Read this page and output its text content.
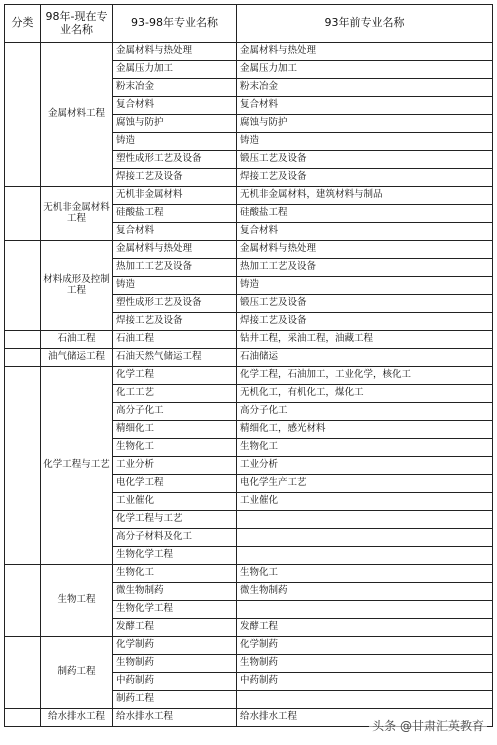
分类	98年-现在专业名称	93-98年专业名称	93年前专业名称
	金属材料工程	金属材料与热处理	金属材料与热处理
		金属压力加工	金属压力加工
		粉末冶金	粉末冶金
		复合材料	复合材料
		腐蚀与防护	腐蚀与防护
		铸造	铸造
		塑性成形工艺及设备	锻压工艺及设备
		焊接工艺及设备	焊接工艺及设备
	无机非金属材料工程	无机非金属材料	无机非金属材料，建筑材料与制品
		硅酸盐工程	硅酸盐工程
		复合材料	复合材料
	材料成形及控制工程	金属材料与热处理	金属材料与热处理
		热加工工艺及设备	热加工工艺及设备
		铸造	铸造
		塑性成形工艺及设备	锻压工艺及设备
		焊接工艺及设备	焊接工艺及设备
	石油工程	石油工程	钻井工程，采油工程，油藏工程
	油气储运工程	石油天然气储运工程	石油储运
	化学工程与工艺	化学工程	化学工程，石油加工，工业化学，核化工
		化工工艺	无机化工，有机化工，煤化工
		高分子化工	高分子化工
		精细化工	精细化工，感光材料
		生物化工	生物化工
		工业分析	工业分析
		电化学工程	电化学生产工艺
		工业催化	工业催化
		化学工程与工艺	
		高分子材料及化工	
		生物化学工程	
	生物工程	生物化工	生物化工
		微生物制药	微生物制药
		生物化学工程	
		发酵工程	发酵工程
	制药工程	化学制药	化学制药
		生物制药	生物制药
		中药制药	中药制药
		制药工程	
	给水排水工程	给水排水工程	给水排水工程
头条 @甘肃汇英教育
